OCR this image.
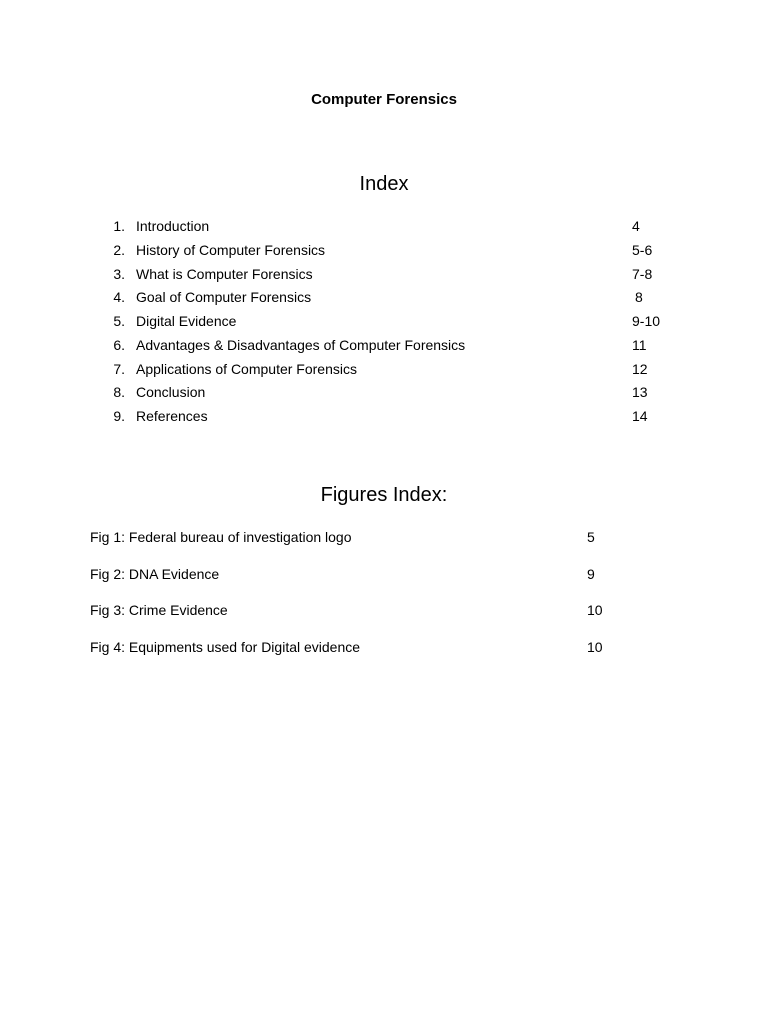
Computer Forensics
Index
1. Introduction	4
2. History of Computer Forensics	5-6
3. What is Computer Forensics	7-8
4. Goal of Computer Forensics	8
5. Digital Evidence	9-10
6. Advantages & Disadvantages of Computer Forensics	11
7. Applications of Computer Forensics	12
8. Conclusion	13
9. References	14
Figures Index:
Fig 1: Federal bureau of investigation logo	5
Fig 2: DNA Evidence	9
Fig 3: Crime Evidence	10
Fig 4: Equipments used for Digital evidence	10
